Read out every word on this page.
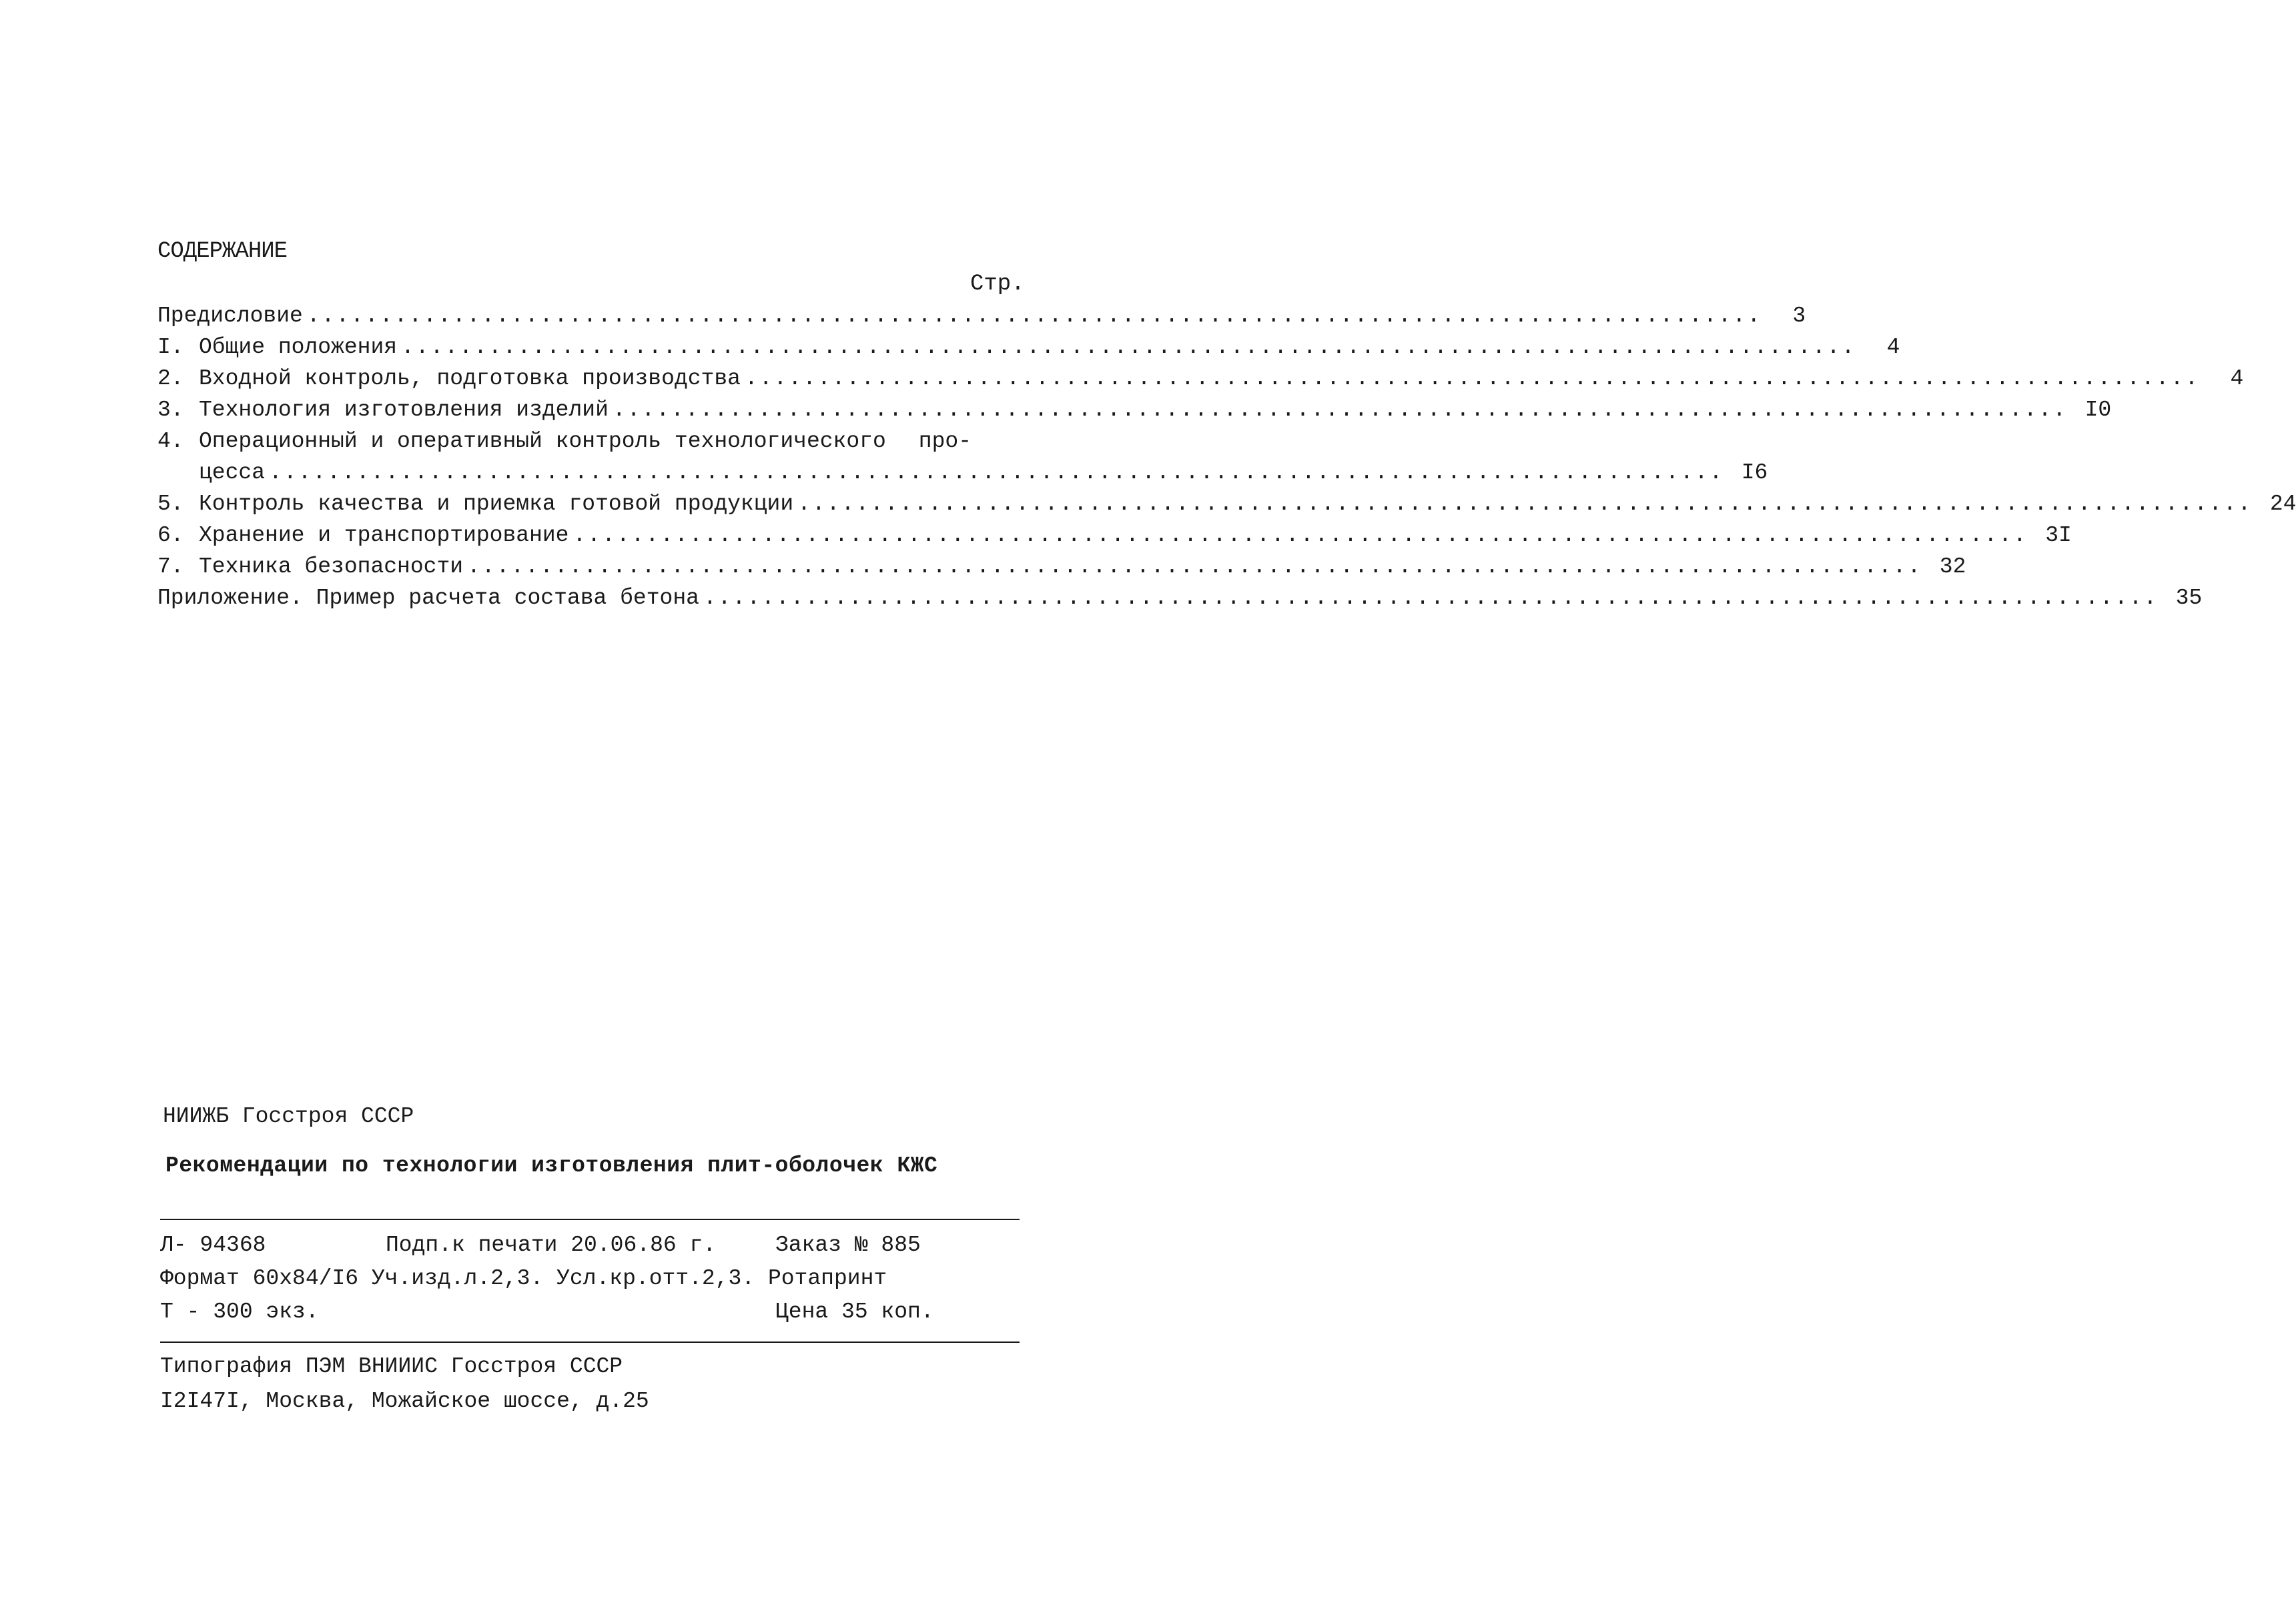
СОДЕРЖАНИЕ
Стр.
Предисловие ....................................................................................................	3
I. Общие положения ....................................................................................................	4
2. Входной контроль, подготовка производства ....................................................................................................	4
3. Технология изготовления изделий .................................................................................................... I0
4. Операционный и оперативный контроль технологического про-
цесса .................................................................................................... I6
5. Контроль качества и приемка готовой продукции .................................................................................................... 24
6. Хранение и транспортирование .................................................................................................... 3I
7. Техника безопасности .................................................................................................... 32
Приложение. Пример расчета состава бетона .................................................................................................... 35
НИИЖБ Госстроя СССР
Рекомендации по технологии изготовления плит-оболочек КЖС
Л- 94368	Подп.к печати 20.06.86 г.	Заказ № 885
Формат 60х84/I6 Уч.изд.л.2,3. Усл.кр.отт.2,3. Ротапринт
Т - 300 экз.	Цена 35 коп.
Типография ПЭМ ВНИИИС Госстроя СССР
I2I47I, Москва, Можайское шоссе, д.25
